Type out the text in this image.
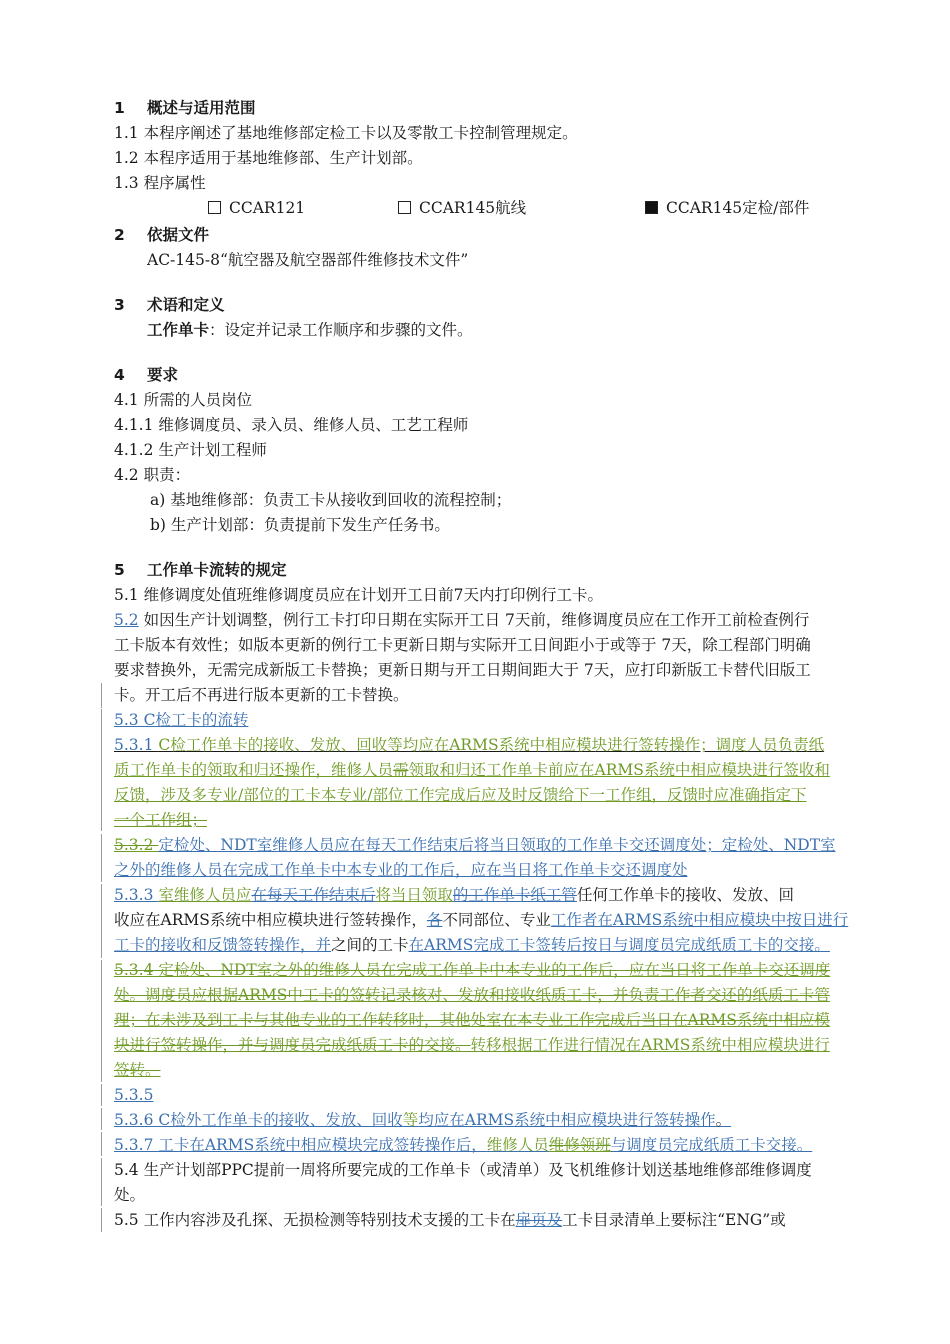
1 概述与适用范围
1.1 本程序阐述了基地维修部定检工卡以及零散工卡控制管理规定。
1.2 本程序适用于基地维修部、生产计划部。
1.3 程序属性
CCAR121	CCAR145航线	CCAR145定检/部件
2 依据文件
AC-145-8“航空器及航空器部件维修技术文件”
3 术语和定义
工作单卡：设定并记录工作顺序和步骤的文件。
4 要求
4.1 所需的人员岗位
4.1.1 维修调度员、录入员、维修人员、工艺工程师
4.1.2 生产计划工程师
4.2 职责：
a) 基地维修部：负责工卡从接收到回收的流程控制；
b) 生产计划部：负责提前下发生产任务书。
5 工作单卡流转的规定
5.1 维修调度处值班维修调度员应在计划开工日前7天内打印例行工卡。
5.2 如因生产计划调整，例行工卡打印日期在实际开工日 7天前，维修调度员应在工作开工前检查例行
工卡版本有效性；如版本更新的例行工卡更新日期与实际开工日间距小于或等于 7天，除工程部门明确
要求替换外，无需完成新版工卡替换；更新日期与开工日期间距大于 7天，应打印新版工卡替代旧版工
卡。开工后不再进行版本更新的工卡替换。
5.3 C检工卡的流转
5.3.1 C检工作单卡的接收、发放、回收等均应在ARMS系统中相应模块进行签转操作；调度人员负责纸
质工作单卡的领取和归还操作，维修人员需领取和归还工作单卡前应在ARMS系统中相应模块进行签收和
反馈，涉及多专业/部位的工卡本专业/部位工作完成后应及时反馈给下一工作组，反馈时应准确指定下
一个工作组；
5.3.2 定检处、NDT室维修人员应在每天工作结束后将当日领取的工作单卡交还调度处；定检处、NDT室
之外的维修人员在完成工作单卡中本专业的工作后，应在当日将工作单卡交还调度处
5.3.3 室维修人员应在每天工作结束后将当日领取的工作单卡纸工管任何工作单卡的接收、发放、回
收应在ARMS系统中相应模块进行签转操作，各不同部位、专业工作者在ARMS系统中相应模块中按日进行
工卡的接收和反馈签转操作，并之间的工卡在ARMS完成工卡签转后按日与调度员完成纸质工卡的交接。
5.3.4 定检处、NDT室之外的维修人员在完成工作单卡中本专业的工作后，应在当日将工作单卡交还调度
处。调度员应根据ARMS中工卡的签转记录核对、发放和接收纸质工卡，并负责工作者交还的纸质工卡管
理；在未涉及到工卡与其他专业的工作转移时，其他处室在本专业工作完成后当日在ARMS系统中相应模
块进行签转操作，并与调度员完成纸质工卡的交接。转移根据工作进行情况在ARMS系统中相应模块进行
签转。
5.3.5
5.3.6 C检外工作单卡的接收、发放、回收等均应在ARMS系统中相应模块进行签转操作。
5.3.7 工卡在ARMS系统中相应模块完成签转操作后，维修人员维修领班与调度员完成纸质工卡交接。
5.4 生产计划部PPC提前一周将所要完成的工作单卡（或清单）及飞机维修计划送基地维修部维修调度
处。
5.5 工作内容涉及孔探、无损检测等特别技术支援的工卡在扉页及工卡目录清单上要标注“ENG”或
